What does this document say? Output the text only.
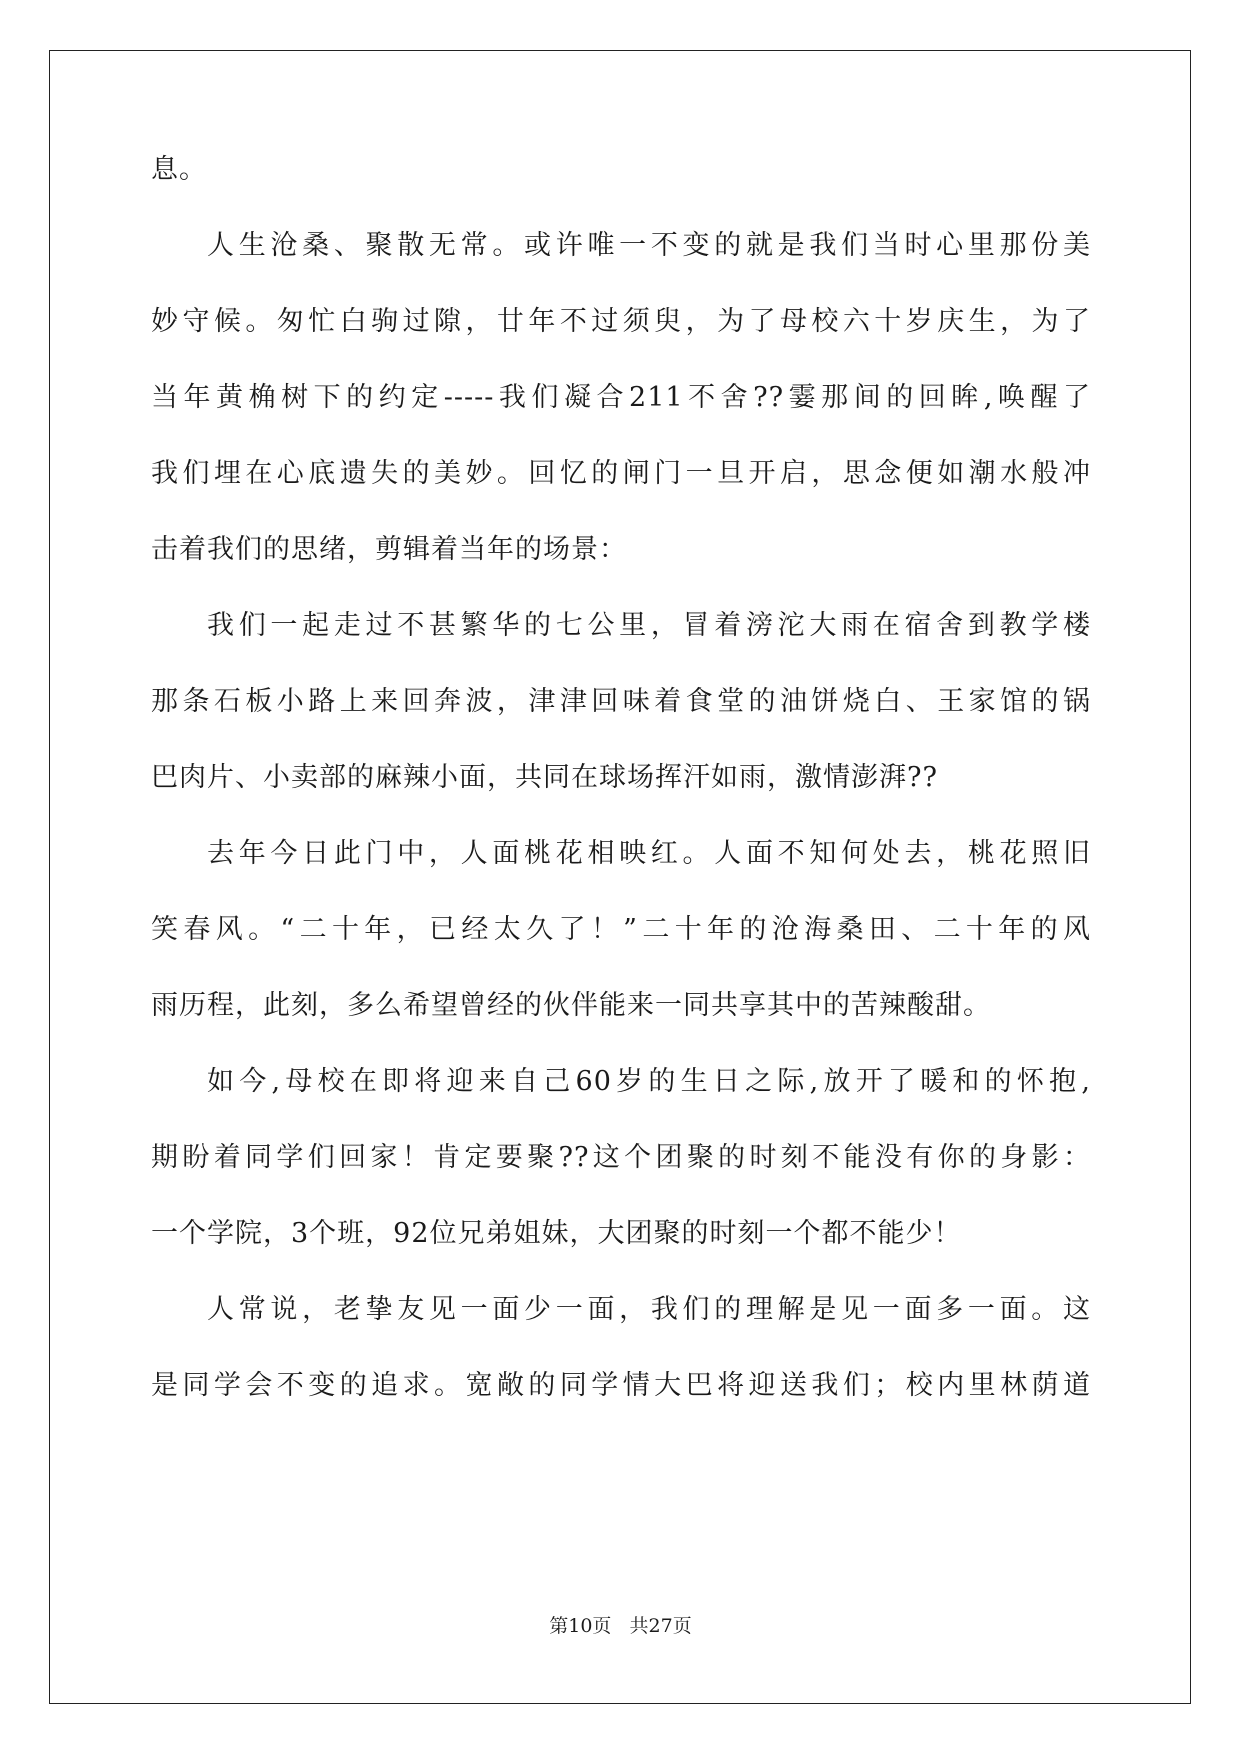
息。
人生沧桑、聚散无常。或许唯一不变的就是我们当时心里那份美
妙守候。匆忙白驹过隙，廿年不过须臾，为了母校六十岁庆生，为了
当年黄桷树下的约定-----我们凝合211不舍??霎那间的回眸,唤醒了
我们埋在心底遗失的美妙。回忆的闸门一旦开启，思念便如潮水般冲
击着我们的思绪，剪辑着当年的场景：
我们一起走过不甚繁华的七公里，冒着滂沱大雨在宿舍到教学楼
那条石板小路上来回奔波，津津回味着食堂的油饼烧白、王家馆的锅
巴肉片、小卖部的麻辣小面，共同在球场挥汗如雨，激情澎湃??
去年今日此门中，人面桃花相映红。人面不知何处去，桃花照旧
笑春风。“二十年，已经太久了！”二十年的沧海桑田、二十年的风
雨历程，此刻，多么希望曾经的伙伴能来一同共享其中的苦辣酸甜。
如今,母校在即将迎来自己60岁的生日之际,放开了暖和的怀抱,
期盼着同学们回家！肯定要聚??这个团聚的时刻不能没有你的身影：
一个学院，3个班，92位兄弟姐妹，大团聚的时刻一个都不能少！
人常说，老挚友见一面少一面，我们的理解是见一面多一面。这
是同学会不变的追求。宽敞的同学情大巴将迎送我们；校内里林荫道
第10页   共27页
